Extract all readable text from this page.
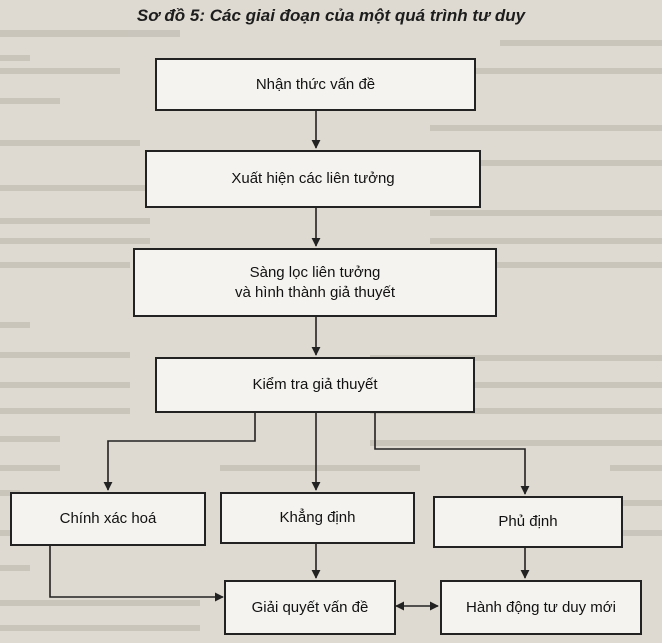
Sơ đồ 5: Các giai đoạn của một quá trình tư duy
Nhận thức vấn đề
Xuất hiện các liên tưởng
Sàng lọc liên tưởng
và hình thành giả thuyết
Kiểm tra giả thuyết
Chính xác hoá	Khẳng định	Phủ định
Giải quyết vấn đề	Hành động tư duy mới
